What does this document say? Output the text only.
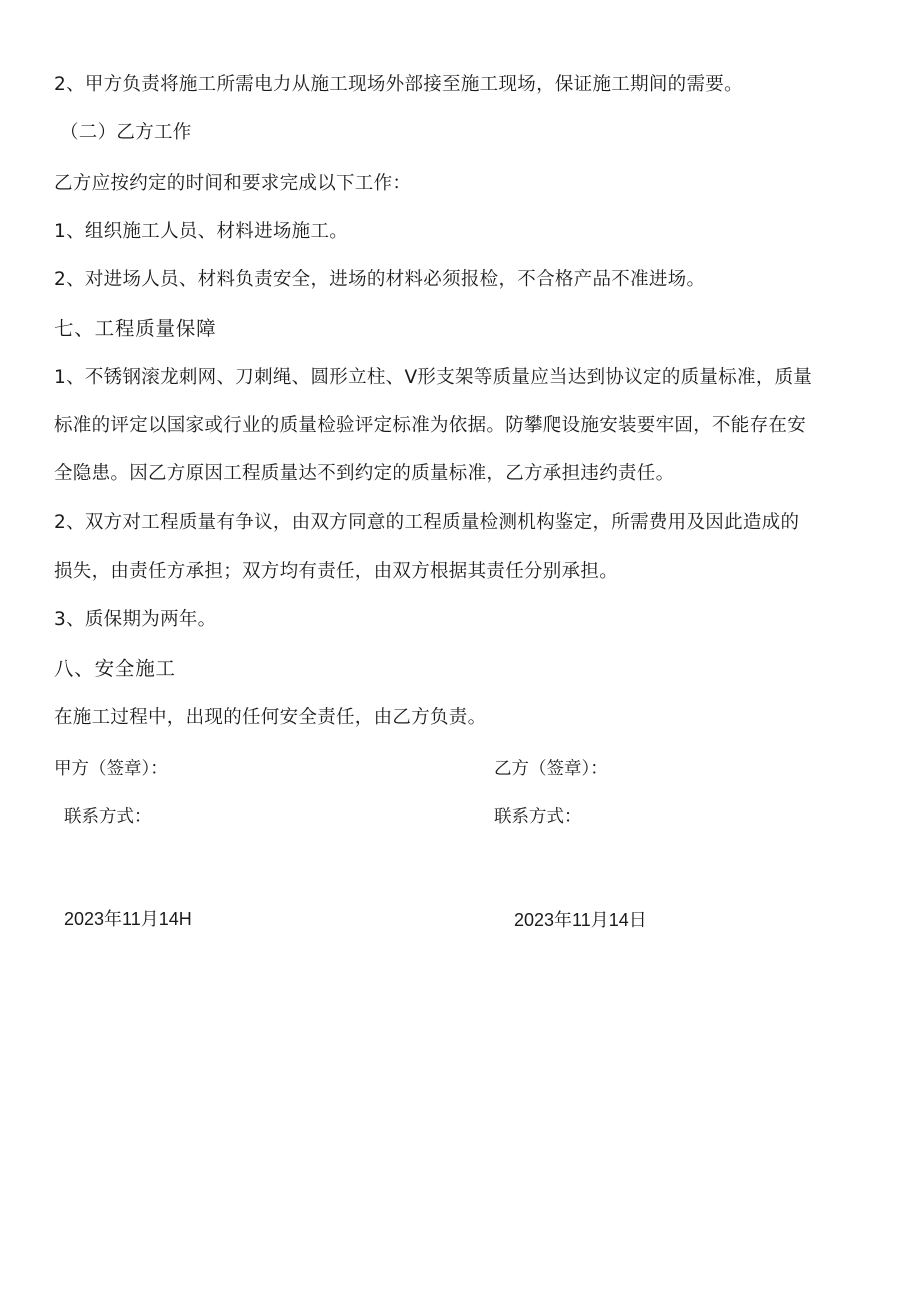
2、甲方负责将施工所需电力从施工现场外部接至施工现场，保证施工期间的需要。
（二）乙方工作
乙方应按约定的时间和要求完成以下工作：
1、组织施工人员、材料进场施工。
2、对进场人员、材料负责安全，进场的材料必须报检，不合格产品不准进场。
七、工程质量保障
1、不锈钢滚龙刺网、刀刺绳、圆形立柱、V形支架等质量应当达到协议定的质量标准，质量
标准的评定以国家或行业的质量检验评定标准为依据。防攀爬设施安装要牢固，不能存在安
全隐患。因乙方原因工程质量达不到约定的质量标准，乙方承担违约责任。
2、双方对工程质量有争议，由双方同意的工程质量检测机构鉴定，所需费用及因此造成的
损失，由责任方承担；双方均有责任，由双方根据其责任分别承担。
3、质保期为两年。
八、安全施工
在施工过程中，出现的任何安全责任，由乙方负责。
甲方（签章）：	乙方（签章）：
联系方式：	联系方式：
2023年11月14H	2023年11月14日
